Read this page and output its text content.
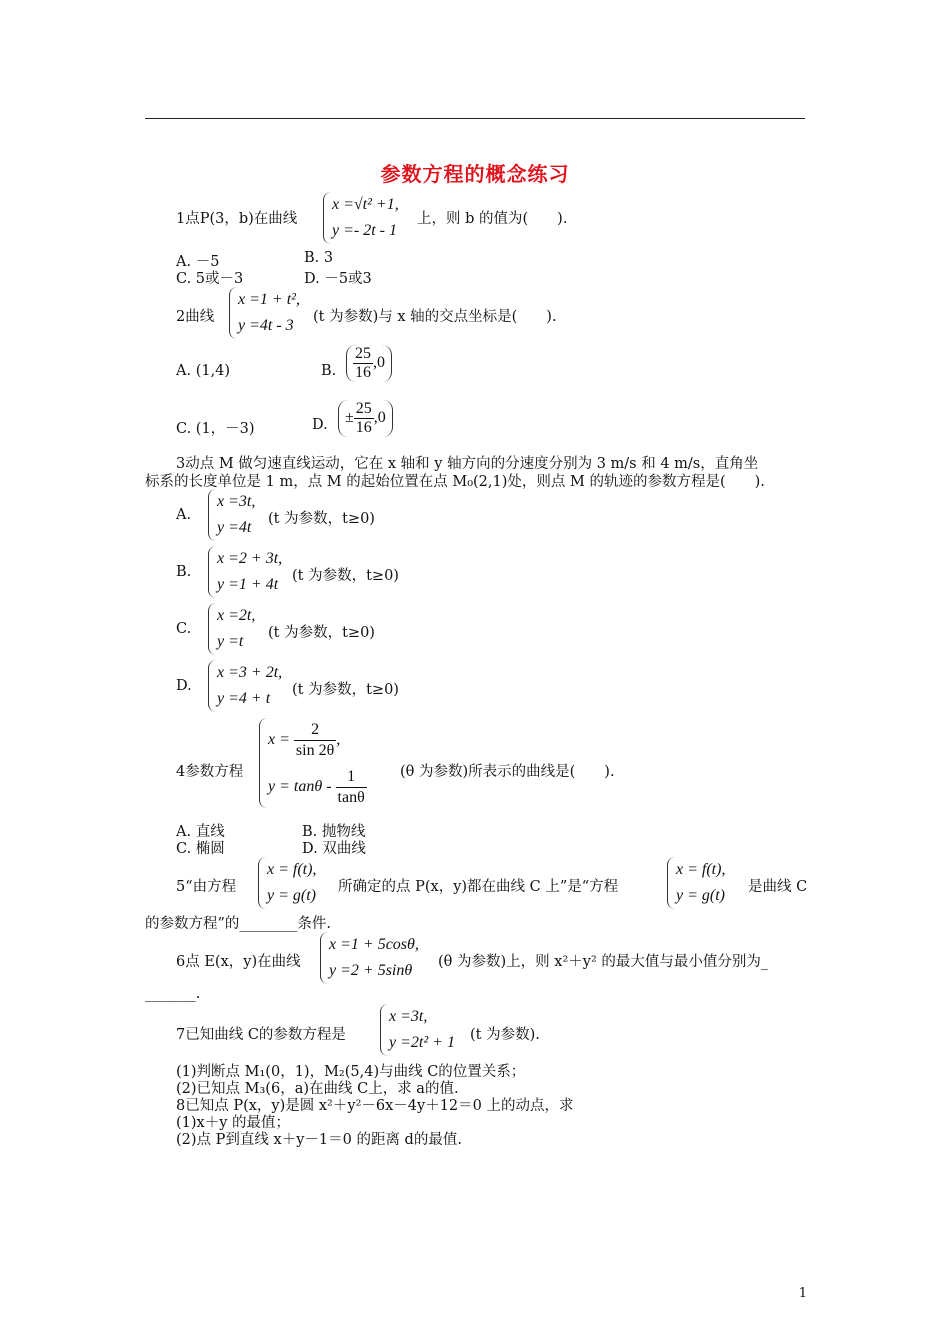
参数方程的概念练习
1点P(3，b)在曲线
x =√t² +1,
y =- 2t - 1
上，则 b 的值为(　　).
A. －5	B. 3
C. 5或－3	D. －5或3
2曲线
x =1 + t²,
y =4t - 3	(t 为参数)与 x 轴的交点坐标是(　　).
A. (1,4)	B. $\frac{25}{16} ,0$
C. (1，－3)	D.	± $\frac{25}{16} ,0$
3动点 M 做匀速直线运动，它在 x 轴和 y 轴方向的分速度分别为 3 m/s 和 4 m/s，直角坐
标系的长度单位是 1 m，点 M 的起始位置在点 M₀(2,1)处，则点 M 的轨迹的参数方程是(　　).
A.
x =3t,
y =4t (t 为参数，t≥0)
B.
x =2 + 3t,
y =1 + 4t (t 为参数，t≥0)
C.
x =2t,
y =t	(t 为参数，t≥0)
D.
x =3 + 2t,
y =4 + t	(t 为参数，t≥0)
4参数方程
$x = \frac{2}{\sin 2\theta}$ ,
$y = \tan\theta - \frac{1}{\tan\theta} (\theta$ 为参数)所表示的曲线是(　　).
A. 直线	B. 抛物线
C. 椭圆	D. 双曲线
5“由方程
x = f(t),
y = g(t) 所确定的点 P(x，y)都在曲线 C 上”是“方程
x = f(t),
y = g(t) 是曲线 C
的参数方程”的________条件.
6点 E(x，y)在曲线
x =1 + 5cosθ,
y =2 + 5sinθ	(θ 为参数)上，则 x²＋y² 的最大值与最小值分别为_
_______.
7已知曲线 C的参数方程是
x =3t,
y =2t² + 1 (t 为参数).
(1)判断点 M₁(0，1)，M₂(5,4)与曲线 C的位置关系；
(2)已知点 M₃(6，a)在曲线 C上，求 a的值.
8已知点 P(x，y)是圆 x²＋y²－6x－4y＋12＝0 上的动点，求
(1)x＋y 的最值；
(2)点 P到直线 x＋y－1＝0 的距离 d的最值.
1
